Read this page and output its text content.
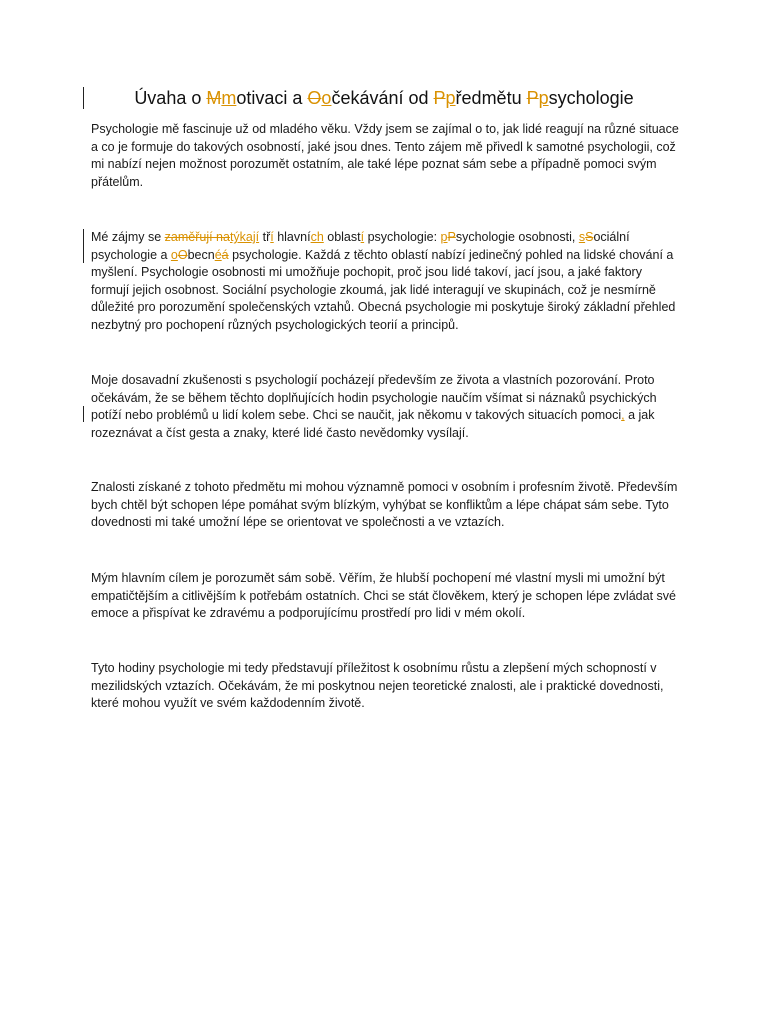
Úvaha o Mmotivaci a Oočekávání od Ppředmětu Ppsychologie
Psychologie mě fascinuje už od mladého věku. Vždy jsem se zajímal o to, jak lidé reagují na různé situace a co je formuje do takových osobností, jaké jsou dnes. Tento zájem mě přivedl k samotné psychologii, což mi nabízí nejen možnost porozumět ostatním, ale také lépe poznat sám sebe a případně pomoci svým přátelům.
Mé zájmy se zaměřují natýkají tří hlavních oblastí psychologie: pPsychologie osobnosti, sSociální psychologie a oObecnéá psychologie. Každá z těchto oblastí nabízí jedinečný pohled na lidské chování a myšlení. Psychologie osobnosti mi umožňuje pochopit, proč jsou lidé takoví, jací jsou, a jaké faktory formují jejich osobnost. Sociální psychologie zkoumá, jak lidé interagují ve skupinách, což je nesmírně důležité pro porozumění společenských vztahů. Obecná psychologie mi poskytuje široký základní přehled nezbytný pro pochopení různých psychologických teorií a principů.
Moje dosavadní zkušenosti s psychologií pocházejí především ze života a vlastních pozorování. Proto očekávám, že se během těchto doplňujících hodin psychologie naučím všímat si náznaků psychických potíží nebo problémů u lidí kolem sebe. Chci se naučit, jak někomu v takových situacích pomoci, a jak rozeznávat a číst gesta a znaky, které lidé často nevědomky vysílají.
Znalosti získané z tohoto předmětu mi mohou významně pomoci v osobním i profesním životě. Především bych chtěl být schopen lépe pomáhat svým blízkým, vyhýbat se konfliktům a lépe chápat sám sebe. Tyto dovednosti mi také umožní lépe se orientovat ve společnosti a ve vztazích.
Mým hlavním cílem je porozumět sám sobě. Věřím, že hlubší pochopení mé vlastní mysli mi umožní být empatičtějším a citlivějším k potřebám ostatních. Chci se stát člověkem, který je schopen lépe zvládat své emoce a přispívat ke zdravému a podporujícímu prostředí pro lidi v mém okolí.
Tyto hodiny psychologie mi tedy představují příležitost k osobnímu růstu a zlepšení mých schopností v mezilidských vztazích. Očekávám, že mi poskytnou nejen teoretické znalosti, ale i praktické dovednosti, které mohou využít ve svém každodenním životě.
